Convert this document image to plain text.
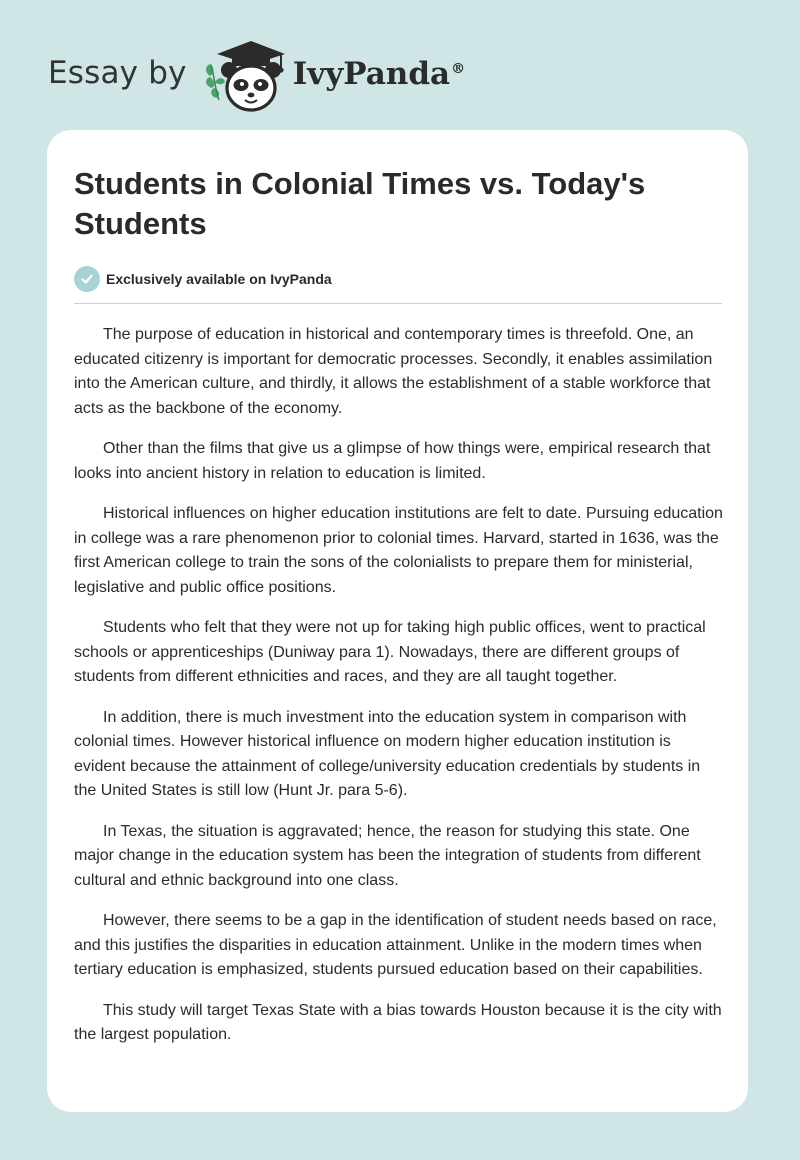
Essay by	IvyPanda®
Students in Colonial Times vs. Today's Students
Exclusively available on IvyPanda

The purpose of education in historical and contemporary times is threefold. One, an educated citizenry is important for democratic processes. Secondly, it enables assimilation into the American culture, and thirdly, it allows the establishment of a stable workforce that acts as the backbone of the economy.

Other than the films that give us a glimpse of how things were, empirical research that looks into ancient history in relation to education is limited.

Historical influences on higher education institutions are felt to date. Pursuing education in college was a rare phenomenon prior to colonial times. Harvard, started in 1636, was the first American college to train the sons of the colonialists to prepare them for ministerial, legislative and public office positions.

Students who felt that they were not up for taking high public offices, went to practical schools or apprenticeships (Duniway para 1). Nowadays, there are different groups of students from different ethnicities and races, and they are all taught together.

In addition, there is much investment into the education system in comparison with colonial times. However historical influence on modern higher education institution is evident because the attainment of college/university education credentials by students in the United States is still low (Hunt Jr. para 5-6).

In Texas, the situation is aggravated; hence, the reason for studying this state. One major change in the education system has been the integration of students from different cultural and ethnic background into one class.

However, there seems to be a gap in the identification of student needs based on race, and this justifies the disparities in education attainment. Unlike in the modern times when tertiary education is emphasized, students pursued education based on their capabilities.

This study will target Texas State with a bias towards Houston because it is the city with the largest population.
